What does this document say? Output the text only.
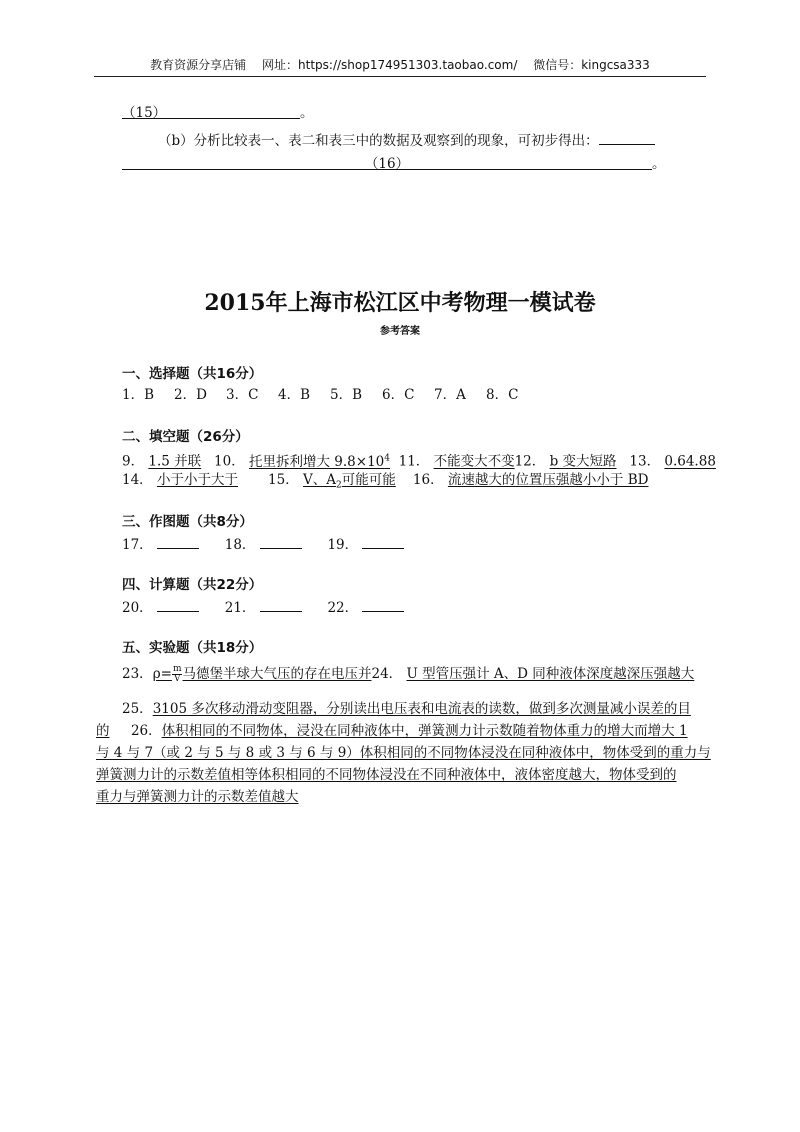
教育资源分享店铺 网址：https://shop174951303.taobao.com/ 微信号：kingcsa333
（15）	。
（b）分析比较表一、表二和表三中的数据及观察到的现象，可初步得出：
（16）	。
2015年上海市松江区中考物理一模试卷
参考答案
一、选择题（共16分）
1．B 2．D 3．C 4．B 5．B 6．C 7．A 8．C
二、填空题（26分）
9． 1.5 并联 10． 托里拆利增大 $9.8\times 10^4$ 11． 不能变大不变12． b 变大短路 13． 0.64.88
14． 小于小于大于 15． V、$A_2$可能可能 16． 流速越大的位置压强越小小于 BD
三、作图题（共8分）
17．	18．	19．
四、计算题（共22分）
20．	21．	22．
五、实验题（共18分）
23．$\rho= \frac{m}{V}$ 马德堡半球大气压的存在电压并24． U 型管压强计 A、D 同种液体深度越深压强越大
25．3105 多次移动滑动变阻器，分别读出电压表和电流表的读数，做到多次测量减小误差的目
的 26．体积相同的不同物体，浸没在同种液体中，弹簧测力计示数随着物体重力的增大而增大 1
与 4 与 7（或 2 与 5 与 8 或 3 与 6 与 9）体积相同的不同物体浸没在同种液体中，物体受到的重力与
弹簧测力计的示数差值相等体积相同的不同物体浸没在不同种液体中，液体密度越大，物体受到的
重力与弹簧测力计的示数差值越大
